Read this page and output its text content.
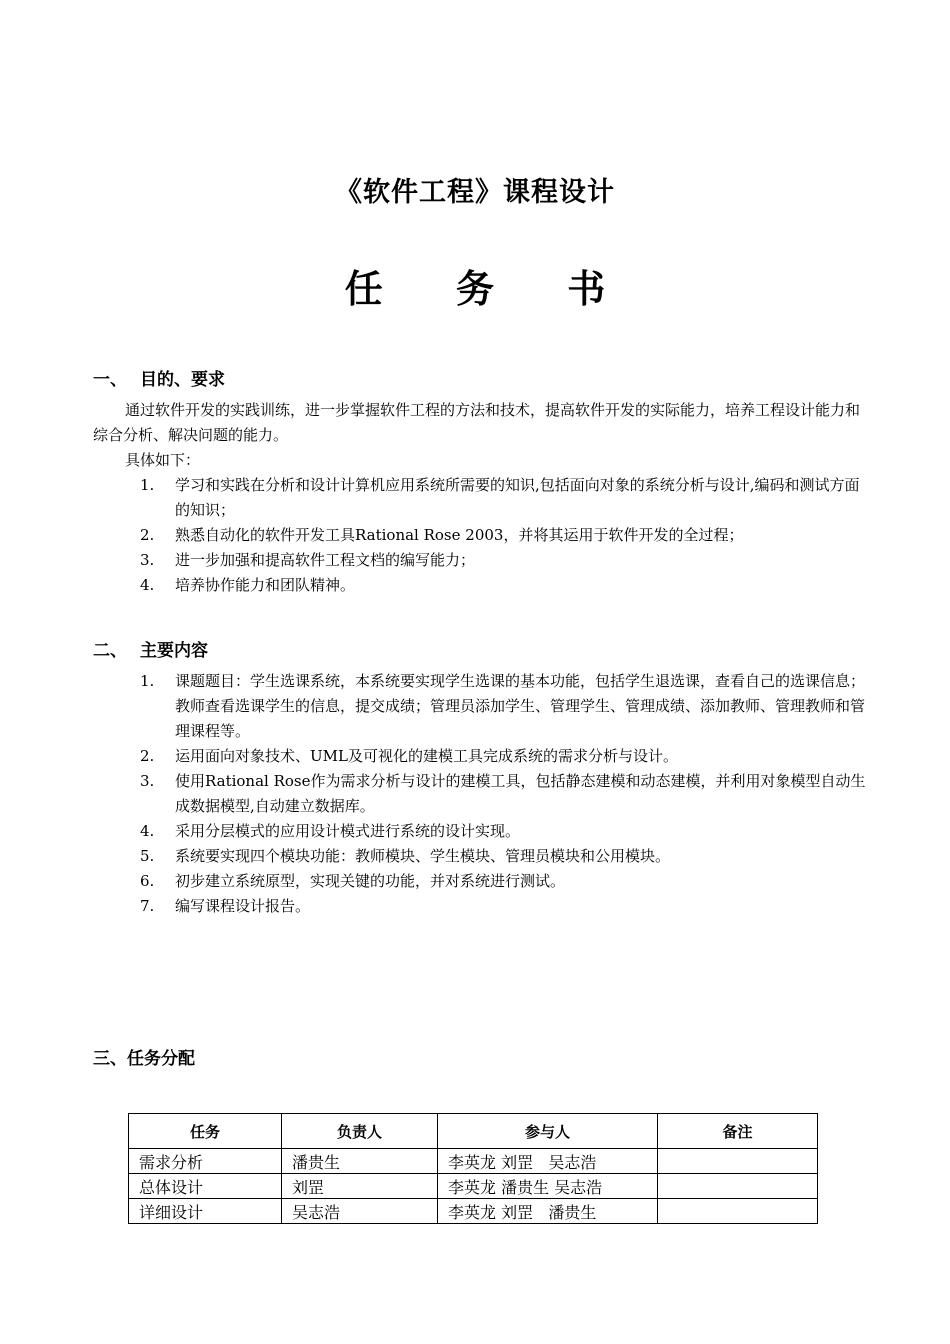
《软件工程》课程设计
任 务 书
一、 目的、要求
通过软件开发的实践训练，进一步掌握软件工程的方法和技术，提高软件开发的实际能力，培养工程设计能力和综合分析、解决问题的能力。
具体如下：
1. 学习和实践在分析和设计计算机应用系统所需要的知识,包括面向对象的系统分析与设计,编码和测试方面的知识；
2. 熟悉自动化的软件开发工具Rational Rose 2003，并将其运用于软件开发的全过程；
3. 进一步加强和提高软件工程文档的编写能力；
4. 培养协作能力和团队精神。
二、 主要内容
1. 课题题目：学生选课系统，本系统要实现学生选课的基本功能，包括学生退选课，查看自己的选课信息；教师查看选课学生的信息，提交成绩；管理员添加学生、管理学生、管理成绩、添加教师、管理教师和管理课程等。
2. 运用面向对象技术、UML及可视化的建模工具完成系统的需求分析与设计。
3. 使用Rational Rose作为需求分析与设计的建模工具，包括静态建模和动态建模，并利用对象模型自动生成数据模型,自动建立数据库。
4. 采用分层模式的应用设计模式进行系统的设计实现。
5. 系统要实现四个模块功能：教师模块、学生模块、管理员模块和公用模块。
6. 初步建立系统原型，实现关键的功能，并对系统进行测试。
7. 编写课程设计报告。
三、任务分配
任务	负责人	参与人	备注
需求分析	潘贵生	李英龙 刘罡   吴志浩	
总体设计	刘罡	李英龙 潘贵生 吴志浩	
详细设计	吴志浩	李英龙 刘罡   潘贵生	
